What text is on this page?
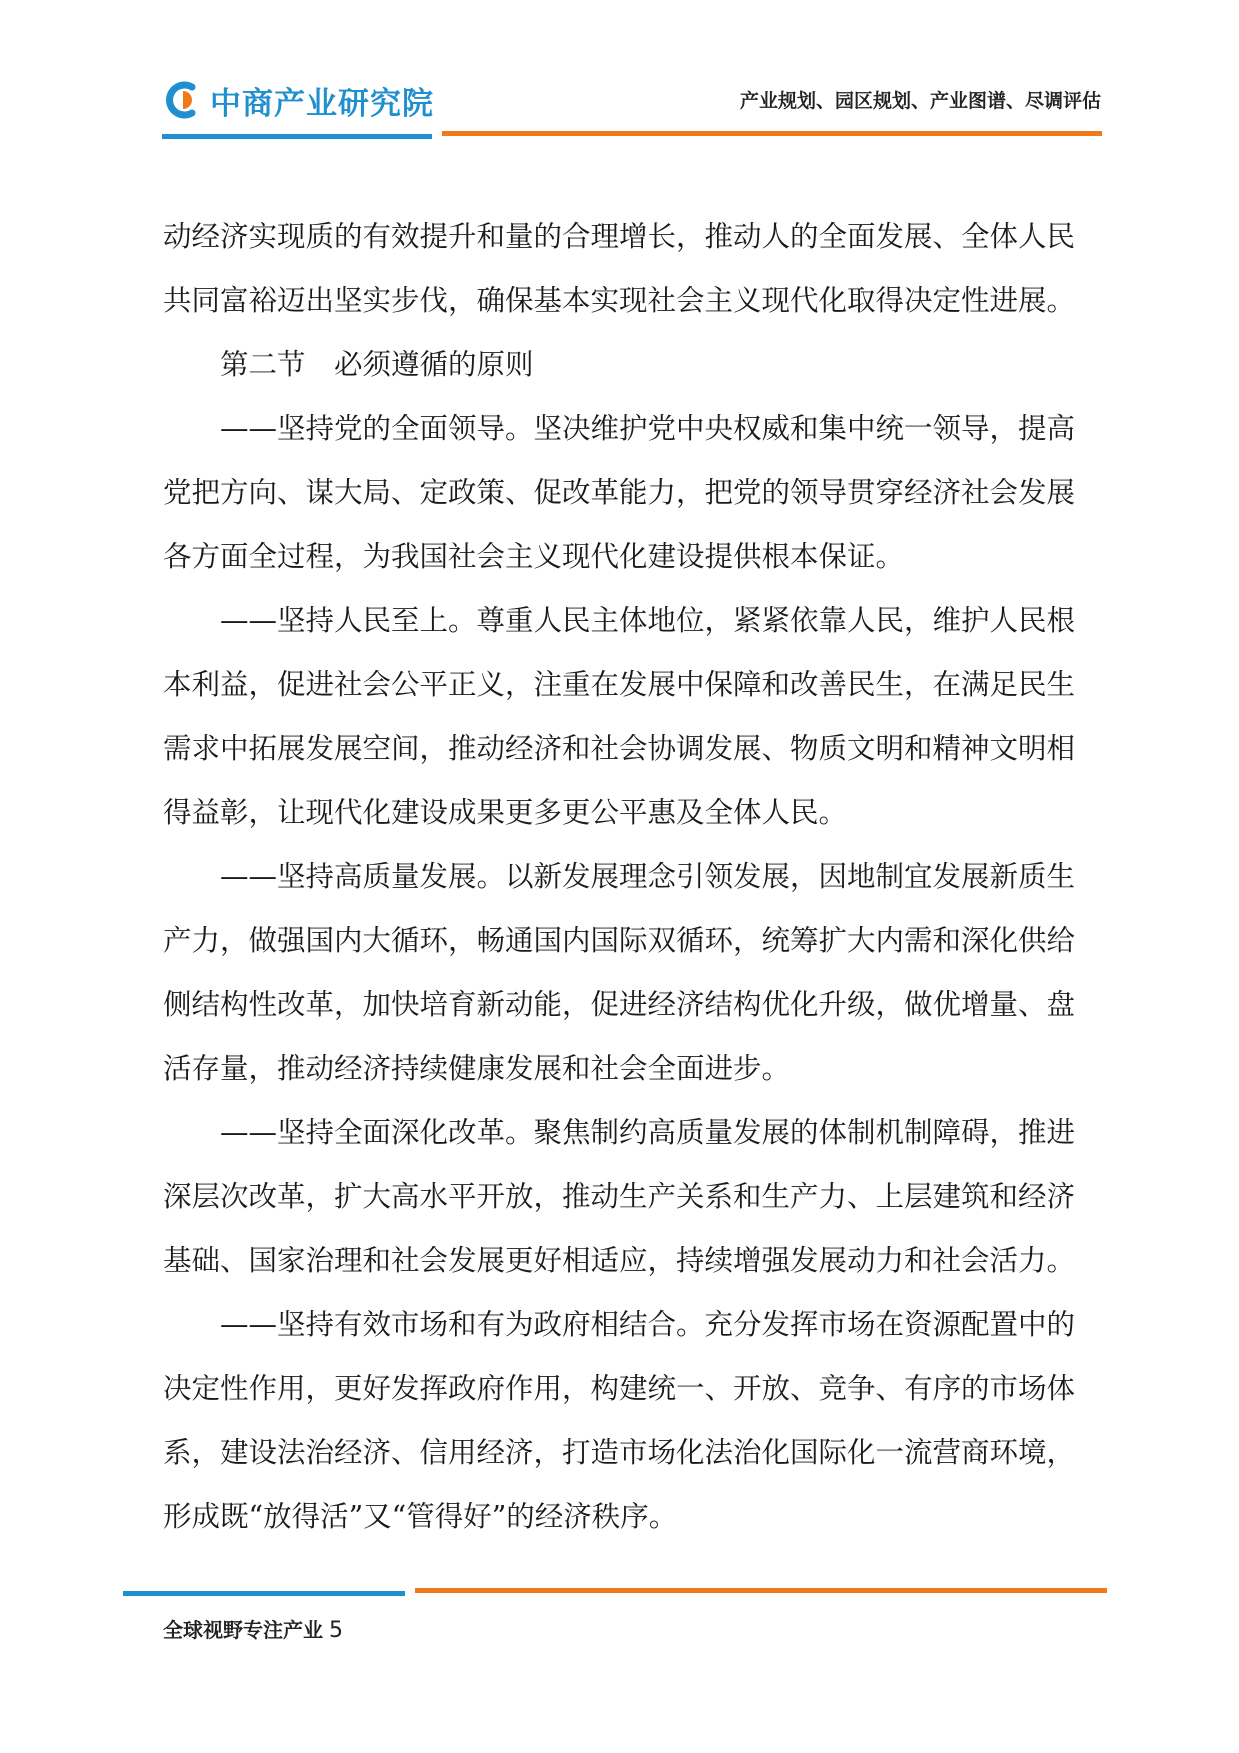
中商产业研究院	产业规划、园区规划、产业图谱、尽调评估

动经济实现质的有效提升和量的合理增长，推动人的全面发展、全体人民

共同富裕迈出坚实步伐，确保基本实现社会主义现代化取得决定性进展。

第二节　必须遵循的原则

——坚持党的全面领导。坚决维护党中央权威和集中统一领导，提高

党把方向、谋大局、定政策、促改革能力，把党的领导贯穿经济社会发展

各方面全过程，为我国社会主义现代化建设提供根本保证。

——坚持人民至上。尊重人民主体地位，紧紧依靠人民，维护人民根

本利益，促进社会公平正义，注重在发展中保障和改善民生，在满足民生

需求中拓展发展空间，推动经济和社会协调发展、物质文明和精神文明相

得益彰，让现代化建设成果更多更公平惠及全体人民。

——坚持高质量发展。以新发展理念引领发展，因地制宜发展新质生

产力，做强国内大循环，畅通国内国际双循环，统筹扩大内需和深化供给

侧结构性改革，加快培育新动能，促进经济结构优化升级，做优增量、盘

活存量，推动经济持续健康发展和社会全面进步。

——坚持全面深化改革。聚焦制约高质量发展的体制机制障碍，推进

深层次改革，扩大高水平开放，推动生产关系和生产力、上层建筑和经济

基础、国家治理和社会发展更好相适应，持续增强发展动力和社会活力。

——坚持有效市场和有为政府相结合。充分发挥市场在资源配置中的

决定性作用，更好发挥政府作用，构建统一、开放、竞争、有序的市场体

系，建设法治经济、信用经济，打造市场化法治化国际化一流营商环境，

形成既“放得活”又“管得好”的经济秩序。

全球视野专注产业 5
